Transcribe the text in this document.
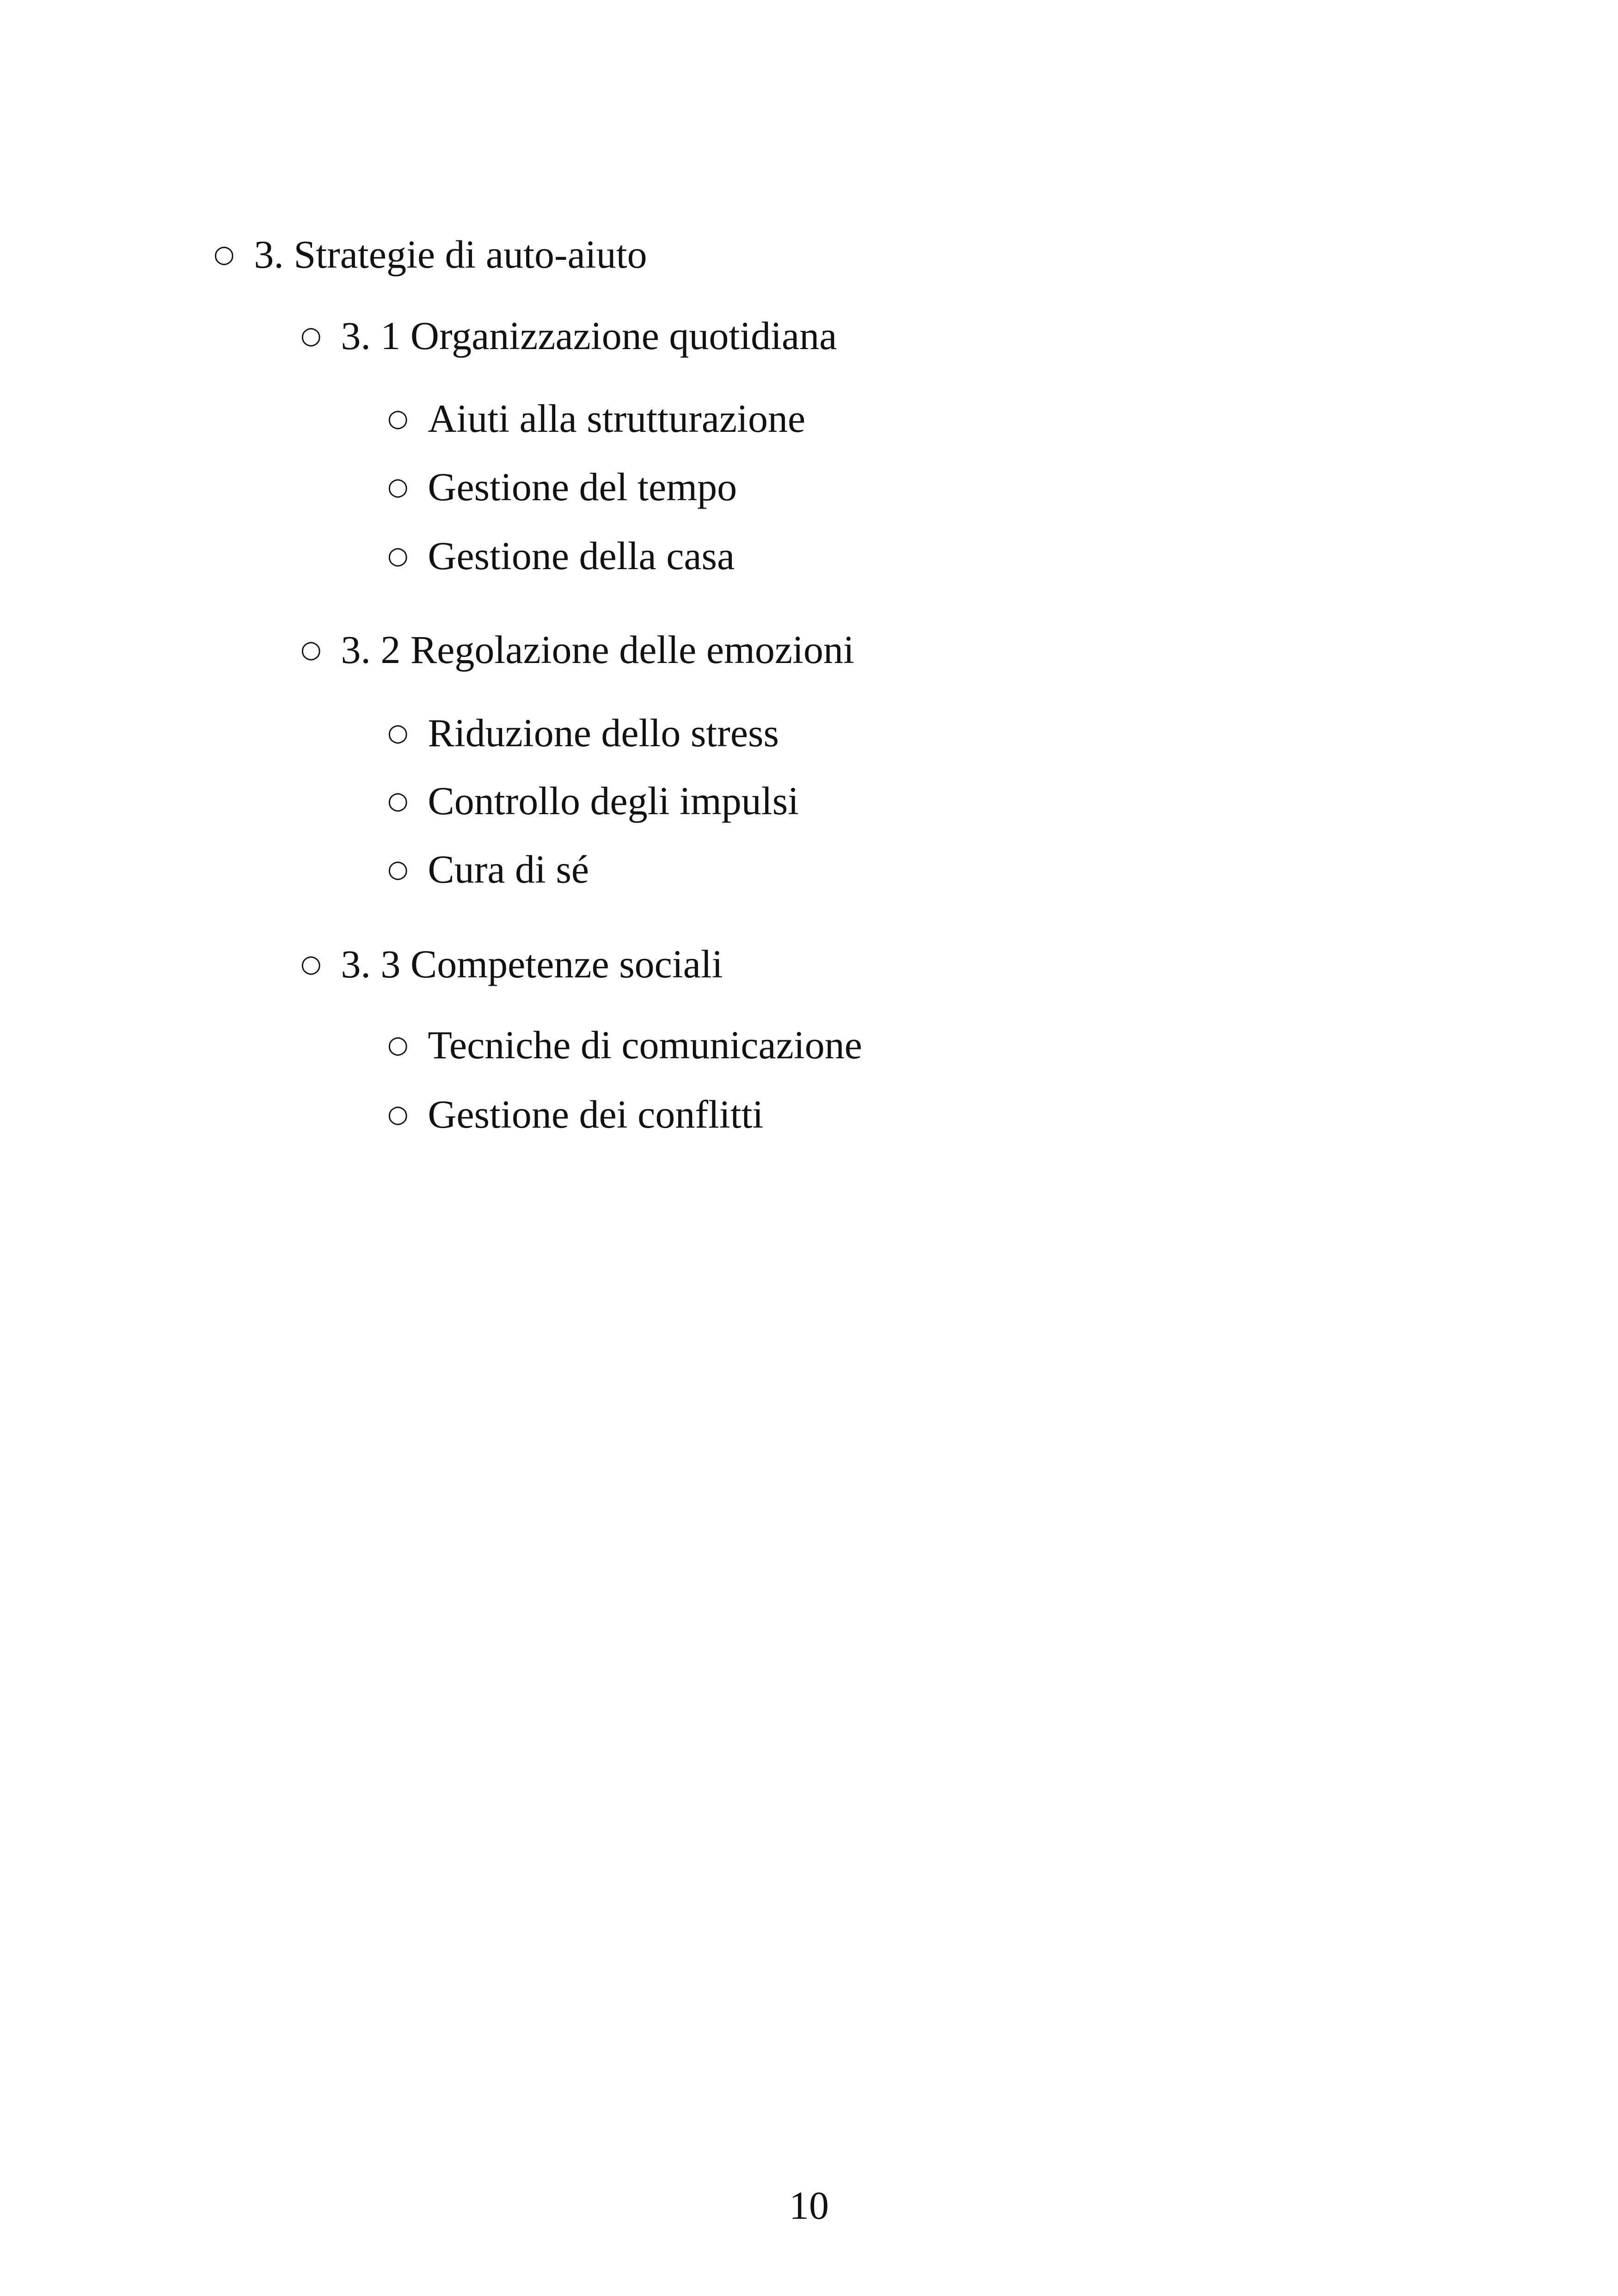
○ 3. Strategie di auto-aiuto
○ 3. 1 Organizzazione quotidiana
○ Aiuti alla strutturazione
○ Gestione del tempo
○ Gestione della casa
○ 3. 2 Regolazione delle emozioni
○ Riduzione dello stress
○ Controllo degli impulsi
○ Cura di sé
○ 3. 3 Competenze sociali
○ Tecniche di comunicazione
○ Gestione dei conflitti
10
